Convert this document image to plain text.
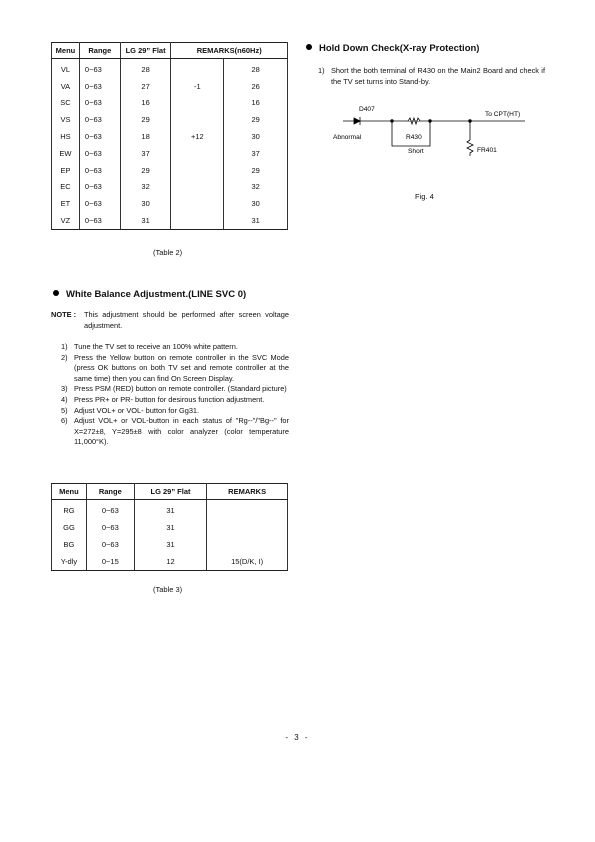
Menu	Range	LG 29” Flat	REMARKS(n60Hz)	
VL	0~63	28		28
VA	0~63	27	-1	26
SC	0~63	16		16
VS	0~63	29		29
HS	0~63	18	+12	30
EW	0~63	37		37
EP	0~63	29		29
EC	0~63	32		32
ET	0~63	30		30
VZ	0~63	31		31
(Table 2)
White Balance Adjustment.(LINE SVC 0)
NOTE : This adjustment should be performed after screen voltage adjustment.
1) Tune the TV set to receive an 100% white pattern.
2) Press the Yellow button on remote controller in the SVC Mode (press OK buttons on both TV set and remote controller at the same time) then you can find On Screen Display.
3) Press PSM (RED) button on remote controller. (Standard picture)
4) Press PR+ or PR- button for desirous function adjustment.
5) Adjust VOL+ or VOL- button for Gg31.
6) Adjust VOL+ or VOL-button in each status of "Rg--"/"Bg--" for X=272±8, Y=295±8 with color analyzer (color temperature 11,000°K).
Menu	Range	LG 29” Flat	REMARKS
RG	0~63	31	
GG	0~63	31	
BG	0~63	31	
Y-dly	0~15	12	15(D/K, I)
(Table 3)
Hold Down Check(X-ray Protection)
1) Short the both terminal of R430 on the Main2 Board and check if the TV set turns into Stand-by.
D407
To CPT(HT)
Abnormal	R430
Short	FR401
Fig. 4
- 3 -
